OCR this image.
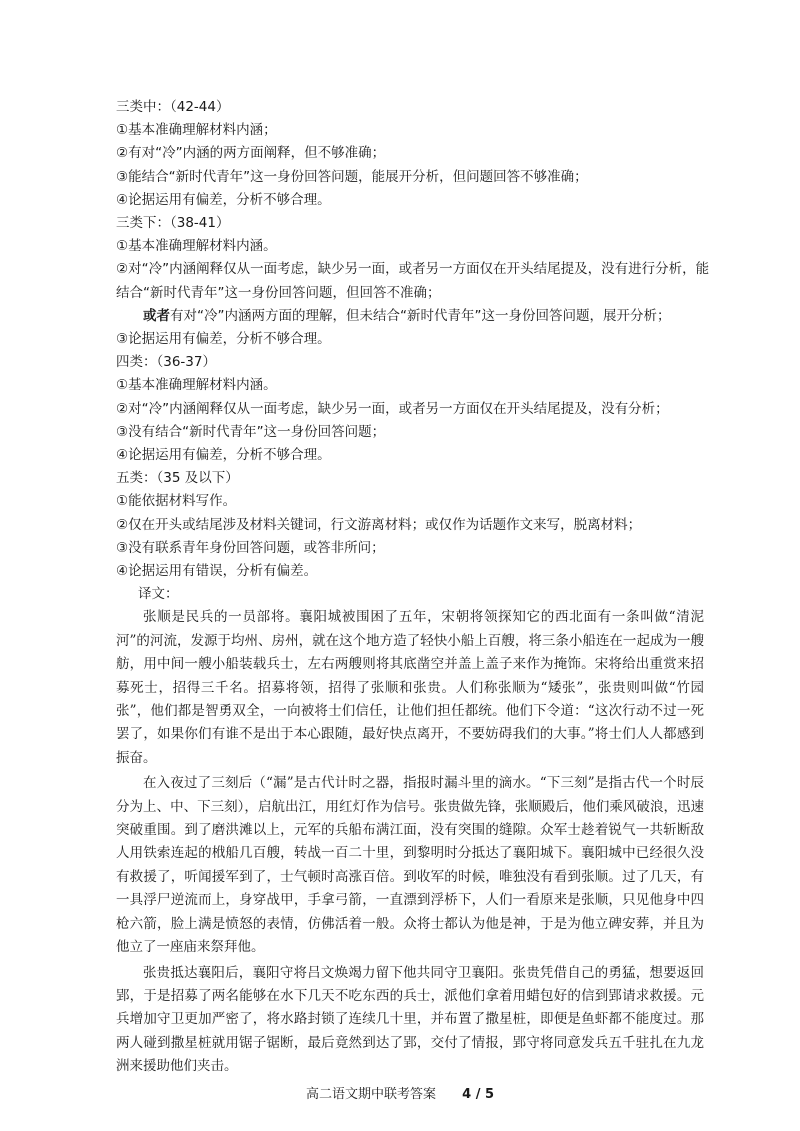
三类中：（42-44）
①基本准确理解材料内涵；
②有对“冷”内涵的两方面阐释，但不够准确；
③能结合“新时代青年”这一身份回答问题，能展开分析，但问题回答不够准确；
④论据运用有偏差，分析不够合理。
三类下：（38-41）
①基本准确理解材料内涵。
②对“冷”内涵阐释仅从一面考虑，缺少另一面，或者另一方面仅在开头结尾提及，没有进行分析，能结合“新时代青年”这一身份回答问题，但回答不准确；
或者有对“冷”内涵两方面的理解，但未结合“新时代青年”这一身份回答问题，展开分析；
③论据运用有偏差，分析不够合理。
四类：（36-37）
①基本准确理解材料内涵。
②对“冷”内涵阐释仅从一面考虑，缺少另一面，或者另一方面仅在开头结尾提及，没有分析；
③没有结合“新时代青年”这一身份回答问题；
④论据运用有偏差，分析不够合理。
五类：（35 及以下）
①能依据材料写作。
②仅在开头或结尾涉及材料关键词，行文游离材料；或仅作为话题作文来写，脱离材料；
③没有联系青年身份回答问题，或答非所问；
④论据运用有错误，分析有偏差。
译文：

张顺是民兵的一员部将。襄阳城被围困了五年，宋朝将领探知它的西北面有一条叫做“清泥河”的河流，发源于均州、房州，就在这个地方造了轻快小船上百艘，将三条小船连在一起成为一艘舫，用中间一艘小船装载兵士，左右两艘则将其底凿空并盖上盖子来作为掩饰。宋将给出重赏来招募死士，招得三千名。招募将领，招得了张顺和张贵。人们称张顺为“矮张”，张贵则叫做“竹园张”，他们都是智勇双全，一向被将士们信任，让他们担任都统。他们下令道：“这次行动不过一死罢了，如果你们有谁不是出于本心跟随，最好快点离开，不要妨碍我们的大事。”将士们人人都感到振奋。

在入夜过了三刻后（“漏”是古代计时之器，指报时漏斗里的滴水。“下三刻”是指古代一个时辰分为上、中、下三刻），启航出江，用红灯作为信号。张贵做先锋，张顺殿后，他们乘风破浪，迅速突破重围。到了磨洪滩以上，元军的兵船布满江面，没有突围的缝隙。众军士趁着锐气一共斩断敌人用铁索连起的栰船几百艘，转战一百二十里，到黎明时分抵达了襄阳城下。襄阳城中已经很久没有救援了，听闻援军到了，士气顿时高涨百倍。到收军的时候，唯独没有看到张顺。过了几天，有一具浮尸逆流而上，身穿战甲，手拿弓箭，一直漂到浮桥下，人们一看原来是张顺，只见他身中四枪六箭，脸上满是愤怒的表情，仿佛活着一般。众将士都认为他是神，于是为他立碑安葬，并且为他立了一座庙来祭拜他。

张贵抵达襄阳后，襄阳守将吕文焕竭力留下他共同守卫襄阳。张贵凭借自己的勇猛，想要返回郢，于是招募了两名能够在水下几天不吃东西的兵士，派他们拿着用蜡包好的信到郢请求救援。元兵增加守卫更加严密了，将水路封锁了连续几十里，并布置了撒星桩，即便是鱼虾都不能度过。那两人碰到撒星桩就用锯子锯断，最后竟然到达了郢，交付了情报，郢守将同意发兵五千驻扎在九龙洲来援助他们夹击。

高二语文期中联考答案 4 / 5
